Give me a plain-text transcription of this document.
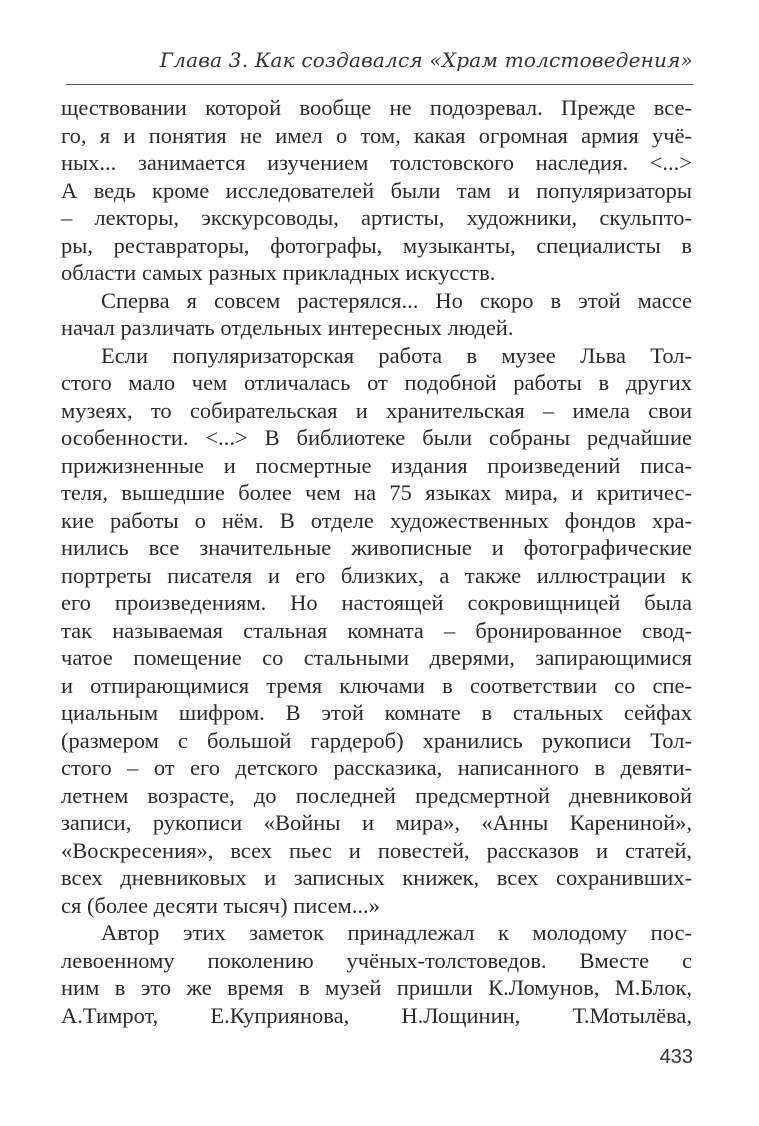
Глава 3. Как создавался «Храм толстоведения»
ществовании которой вообще не подозревал. Прежде все-
го, я и понятия не имел о том, какая огромная армия учё-
ных... занимается изучением толстовского наследия. <...>
А ведь кроме исследователей были там и популяризаторы
– лекторы, экскурсоводы, артисты, художники, скульпто-
ры, реставраторы, фотографы, музыканты, специалисты в
области самых разных прикладных искусств.
Сперва я совсем растерялся... Но скоро в этой массе
начал различать отдельных интересных людей.
Если популяризаторская работа в музее Льва Тол-
стого мало чем отличалась от подобной работы в других
музеях, то собирательская и хранительская – имела свои
особенности. <...> В библиотеке были собраны редчайшие
прижизненные и посмертные издания произведений писа-
теля, вышедшие более чем на 75 языках мира, и критичес-
кие работы о нём. В отделе художественных фондов хра-
нились все значительные живописные и фотографические
портреты писателя и его близких, а также иллюстрации к
его произведениям. Но настоящей сокровищницей была
так называемая стальная комната – бронированное свод-
чатое помещение со стальными дверями, запирающимися
и отпирающимися тремя ключами в соответствии со спе-
циальным шифром. В этой комнате в стальных сейфах
(размером с большой гардероб) хранились рукописи Тол-
стого – от его детского рассказика, написанного в девяти-
летнем возрасте, до последней предсмертной дневниковой
записи, рукописи «Войны и мира», «Анны Карениной»,
«Воскресения», всех пьес и повестей, рассказов и статей,
всех дневниковых и записных книжек, всех сохранивших-
ся (более десяти тысяч) писем...»
Автор этих заметок принадлежал к молодому пос-
левоенному поколению учёных-толстоведов. Вместе с
ним в это же время в музей пришли К.Ломунов, М.Блок,
А.Тимрот, Е.Куприянова, Н.Лощинин, Т.Мотылёва,
433
